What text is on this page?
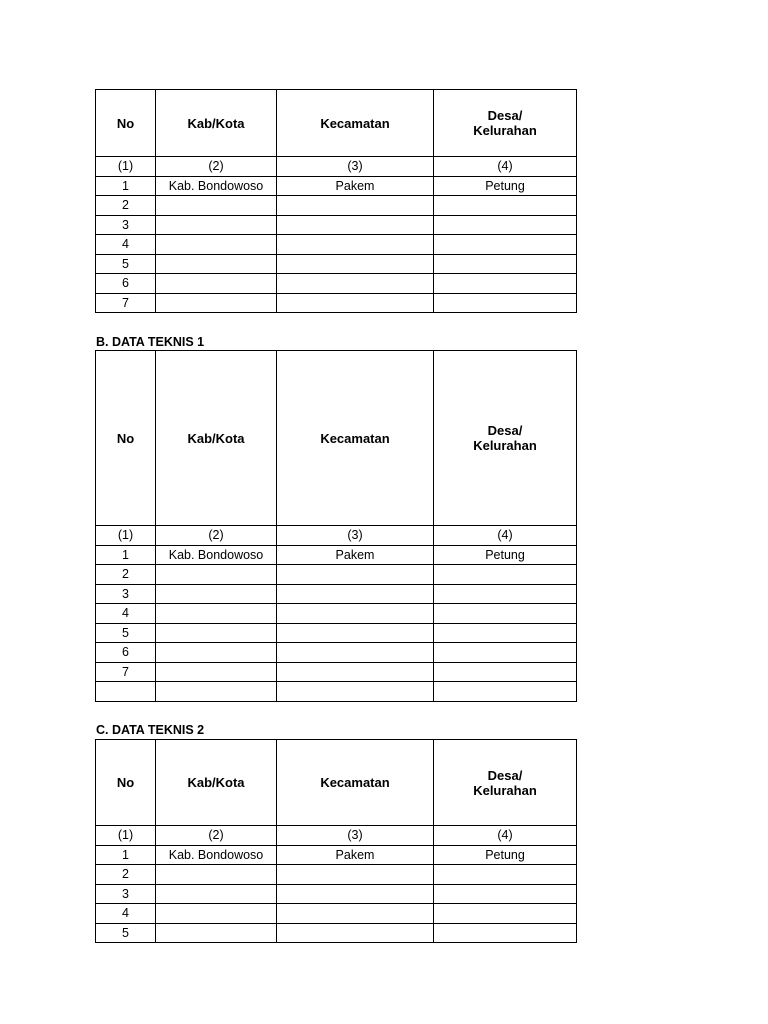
No	Kab/Kota	Kecamatan	Desa/
Kelurahan
(1)	(2)	(3)	(4)
1	Kab. Bondowoso	Pakem	Petung
2			
3			
4			
5			
6			
7			
B. DATA TEKNIS 1
No	Kab/Kota	Kecamatan	Desa/
Kelurahan
(1)	(2)	(3)	(4)
1	Kab. Bondowoso	Pakem	Petung
2			
3			
4			
5			
6			
7			

C. DATA TEKNIS 2
No	Kab/Kota	Kecamatan	Desa/
Kelurahan
(1)	(2)	(3)	(4)
1	Kab. Bondowoso	Pakem	Petung
2			
3			
4			
5			
